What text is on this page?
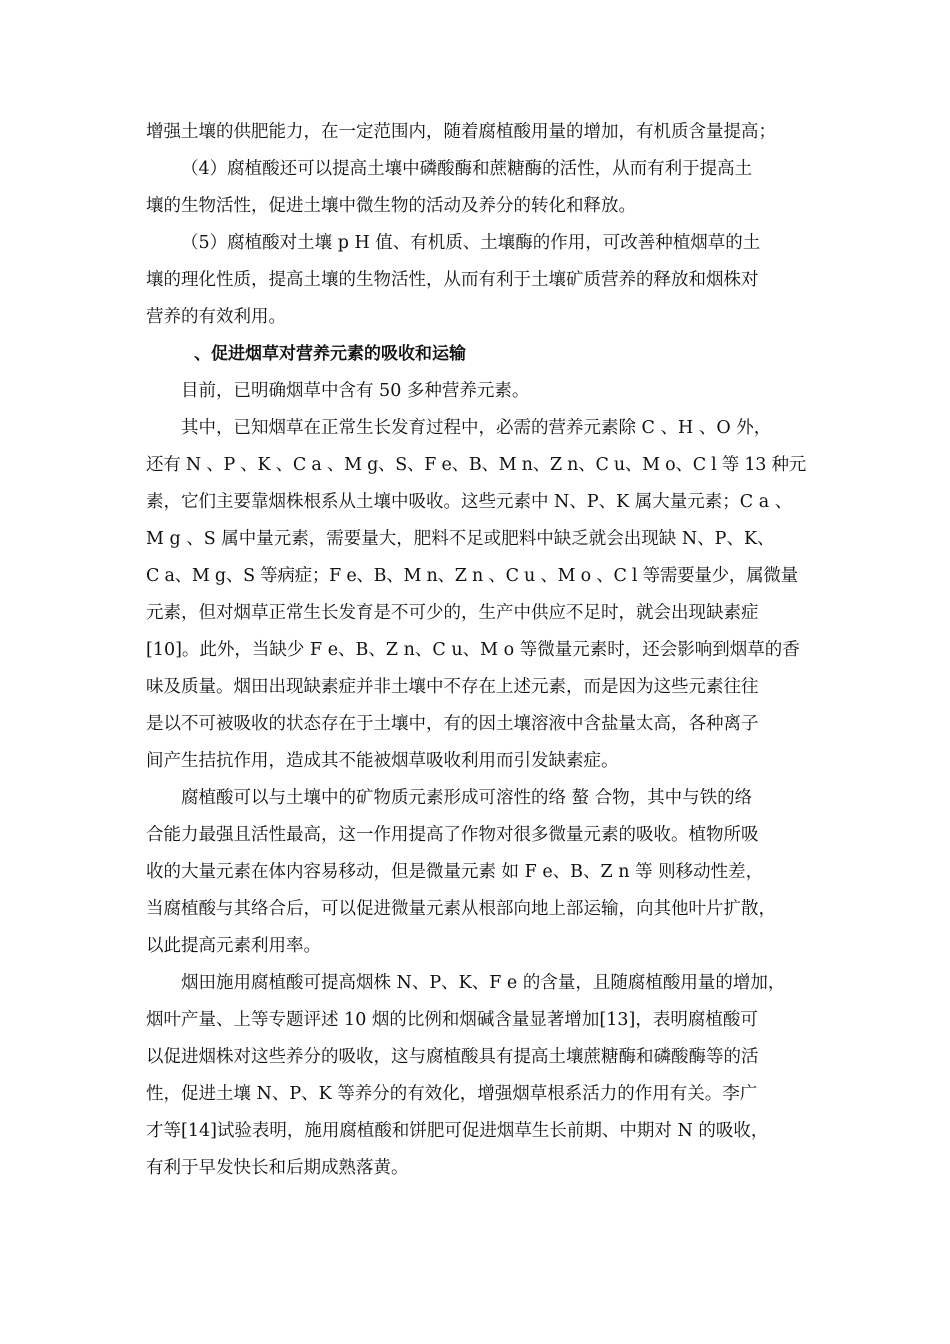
增强土壤的供肥能力，在一定范围内，随着腐植酸用量的增加，有机质含量提高；
（4）腐植酸还可以提高土壤中磷酸酶和蔗糖酶的活性，从而有利于提高土
壤的生物活性，促进土壤中微生物的活动及养分的转化和释放。
（5）腐植酸对土壤 p H 值、有机质、土壤酶的作用，可改善种植烟草的土
壤的理化性质，提高土壤的生物活性，从而有利于土壤矿质营养的释放和烟株对
营养的有效利用。
、促进烟草对营养元素的吸收和运输
目前，已明确烟草中含有 50 多种营养元素。
其中，已知烟草在正常生长发育过程中，必需的营养元素除 C 、H 、O 外，
还有 N 、P 、K 、C a 、M g、S、F e、B、M n、Z n、C u、M o、C l 等 13 种元
素，它们主要靠烟株根系从土壤中吸收。这些元素中 N、P、K 属大量元素；C a 、
M g 、S 属中量元素，需要量大，肥料不足或肥料中缺乏就会出现缺 N、P、K、
C a、M g、S 等病症；F e、B、M n、Z n 、C u 、M o 、C l 等需要量少，属微量
元素，但对烟草正常生长发育是不可少的，生产中供应不足时，就会出现缺素症
[10]。此外，当缺少 F e、B、Z n、C u、M o 等微量元素时，还会影响到烟草的香
味及质量。烟田出现缺素症并非土壤中不存在上述元素，而是因为这些元素往往
是以不可被吸收的状态存在于土壤中，有的因土壤溶液中含盐量太高，各种离子
间产生拮抗作用，造成其不能被烟草吸收利用而引发缺素症。
腐植酸可以与土壤中的矿物质元素形成可溶性的络 螯 合物，其中与铁的络
合能力最强且活性最高，这一作用提高了作物对很多微量元素的吸收。植物所吸
收的大量元素在体内容易移动，但是微量元素 如 F e、B、Z n 等 则移动性差，
当腐植酸与其络合后，可以促进微量元素从根部向地上部运输，向其他叶片扩散，
以此提高元素利用率。
烟田施用腐植酸可提高烟株 N、P、K、F e 的含量，且随腐植酸用量的增加，
烟叶产量、上等专题评述 10 烟的比例和烟碱含量显著增加[13]，表明腐植酸可
以促进烟株对这些养分的吸收，这与腐植酸具有提高土壤蔗糖酶和磷酸酶等的活
性，促进土壤 N、P、K 等养分的有效化，增强烟草根系活力的作用有关。李广
才等[14]试验表明，施用腐植酸和饼肥可促进烟草生长前期、中期对 N 的吸收，
有利于早发快长和后期成熟落黄。
